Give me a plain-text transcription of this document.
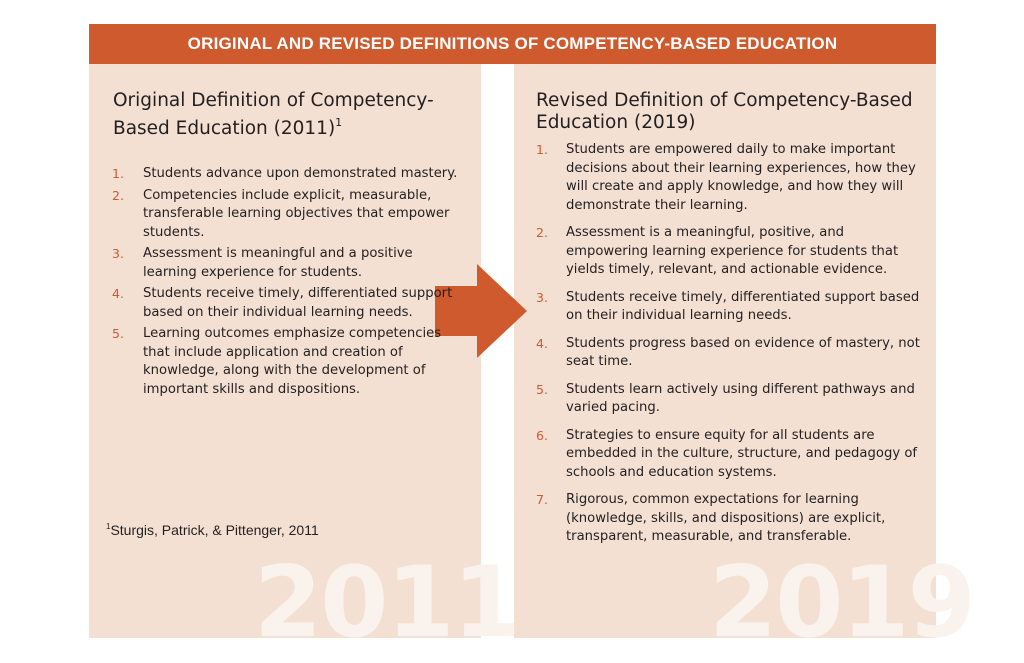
ORIGINAL AND REVISED DEFINITIONS OF COMPETENCY-BASED EDUCATION
2011
Original Definition of Competency-Based Education $(2011)^1$
1.	Students advance upon demonstrated mastery.
2.	Competencies include explicit, measurable, transferable learning objectives that empower students.
3.	Assessment is meaningful and a positive learning experience for students.
4.	Students receive timely, differentiated support based on their individual learning needs.
5.	Learning outcomes emphasize competencies that include application and creation of knowledge, along with the development of important skills and dispositions.
$^1$Sturgis, Patrick, & Pittenger, 2011
2019
Revised Definition of Competency-Based Education (2019)
1.	Students are empowered daily to make important decisions about their learning experiences, how they will create and apply knowledge, and how they will demonstrate their learning.
2.	Assessment is a meaningful, positive, and empowering learning experience for students that yields timely, relevant, and actionable evidence.
3.	Students receive timely, differentiated support based on their individual learning needs.
4.	Students progress based on evidence of mastery, not seat time.
5.	Students learn actively using different pathways and varied pacing.
6.	Strategies to ensure equity for all students are embedded in the culture, structure, and pedagogy of schools and education systems.
7.	Rigorous, common expectations for learning (knowledge, skills, and dispositions) are explicit, transparent, measurable, and transferable.
